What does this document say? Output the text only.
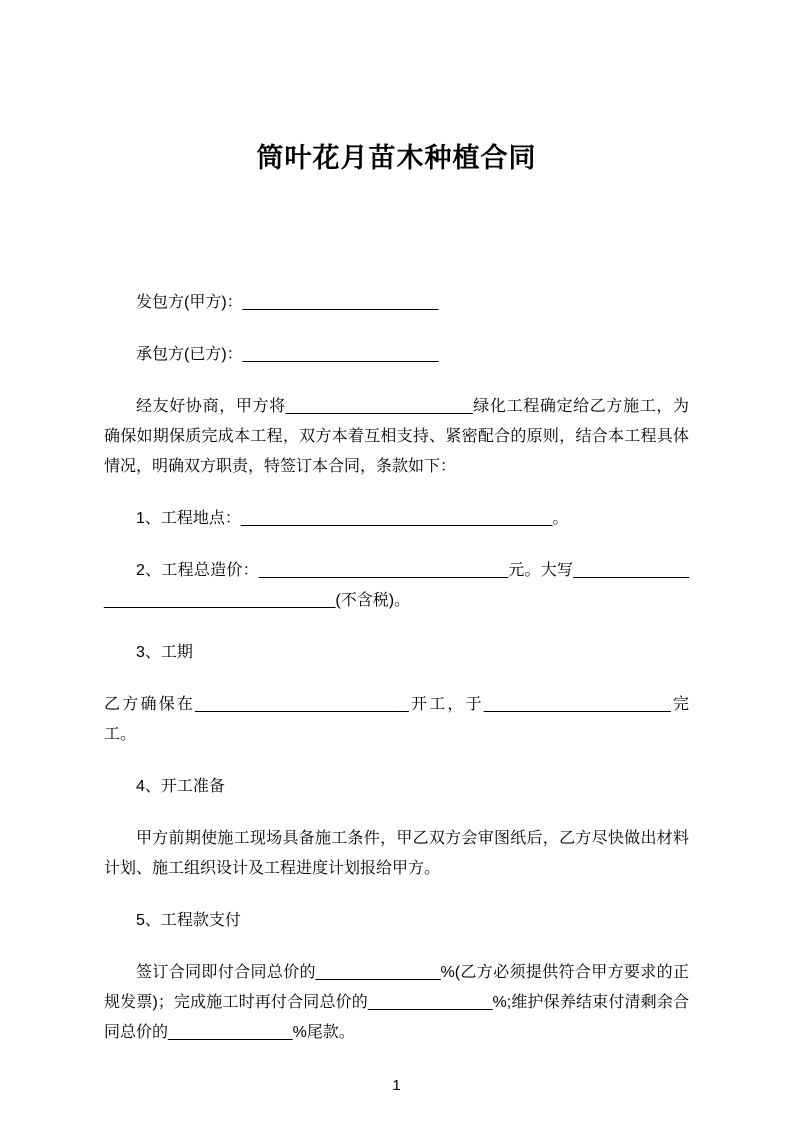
筒叶花月苗木种植合同

发包方(甲方)：______________________

承包方(已方)：______________________

经友好协商，甲方将_____________________绿化工程确定给乙方施工，为确保如期保质完成本工程，双方本着互相支持、紧密配合的原则，结合本工程具体情况，明确双方职责，特签订本合同，条款如下：

1、工程地点：___________________________________。

2、工程总造价：____________________________元。大写_______________________________________(不含税)。

3、工期

乙方确保在________________________开工，于_____________________完工。

4、开工准备

甲方前期使施工现场具备施工条件，甲乙双方会审图纸后，乙方尽快做出材料计划、施工组织设计及工程进度计划报给甲方。

5、工程款支付

签订合同即付合同总价的______________%(乙方必须提供符合甲方要求的正规发票)；完成施工时再付合同总价的______________%;维护保养结束付清剩余合同总价的______________%尾款。

1
